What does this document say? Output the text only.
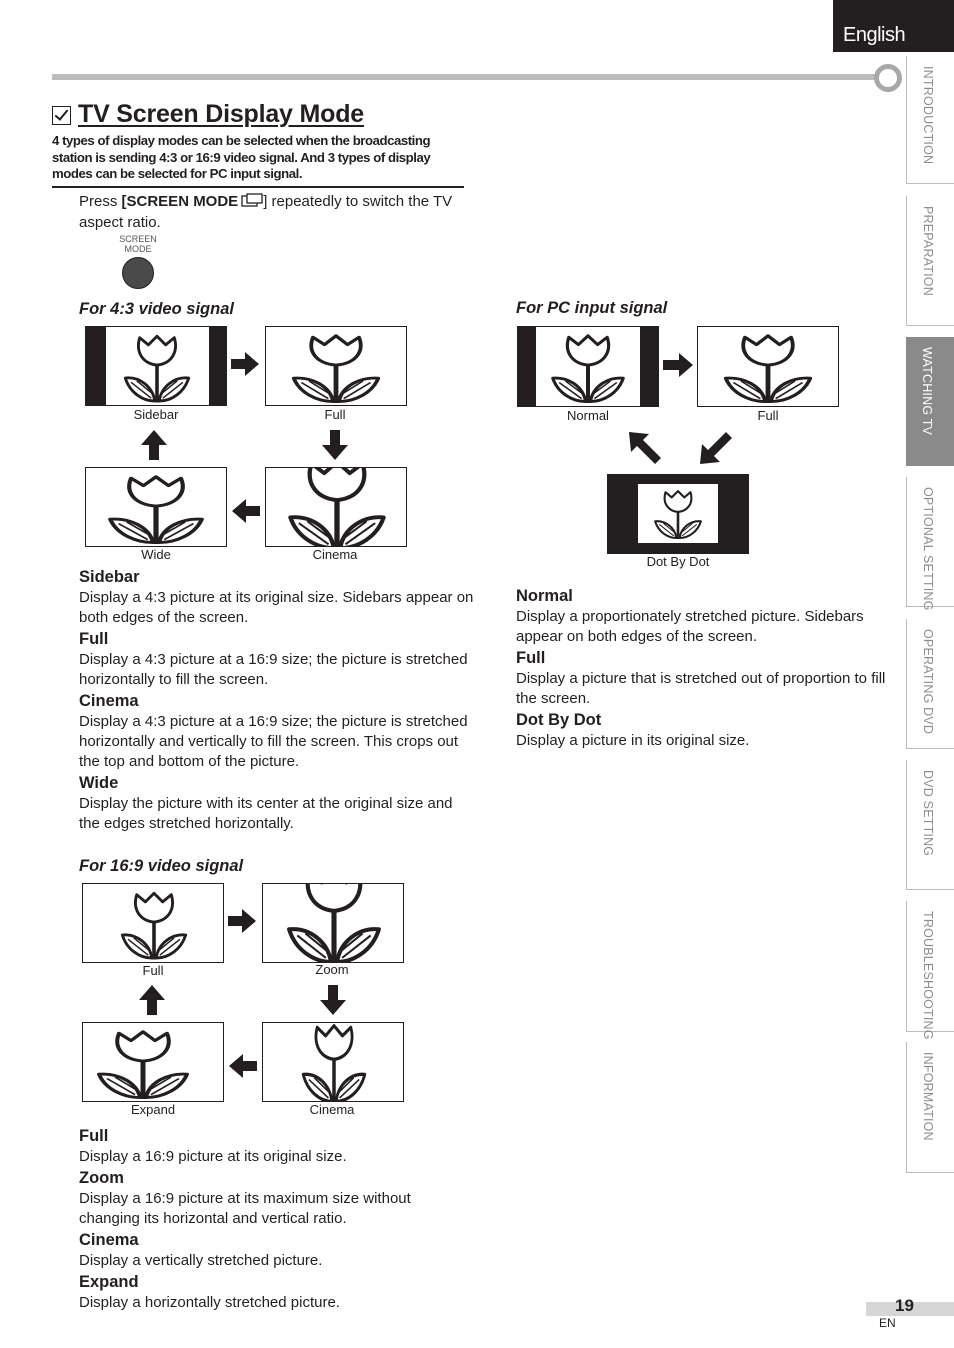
English
INTRODUCTION
PREPARATION
WATCHING TV
OPTIONAL SETTING
OPERATING DVD
DVD SETTING
TROUBLESHOOTING
INFORMATION
TV Screen Display Mode

4 types of display modes can be selected when the broadcasting station is sending 4:3 or 16:9 video signal. And 3 types of display modes can be selected for PC input signal.

Press [SCREEN MODE ] repeatedly to switch the TV aspect ratio.

SCREEN
MODE
For 4:3 video signal
Sidebar	Full
Wide	Cinema
Sidebar
Display a 4:3 picture at its original size. Sidebars appear on both edges of the screen.
Full
Display a 4:3 picture at a 16:9 size; the picture is stretched horizontally to fill the screen.
Cinema
Display a 4:3 picture at a 16:9 size; the picture is stretched horizontally and vertically to fill the screen. This crops out the top and bottom of the picture.
Wide
Display the picture with its center at the original size and the edges stretched horizontally.
For 16:9 video signal
Full	Zoom
Expand	Cinema
Full
Display a 16:9 picture at its original size.
Zoom
Display a 16:9 picture at its maximum size without changing its horizontal and vertical ratio.
Cinema
Display a vertically stretched picture.
Expand
Display a horizontally stretched picture.
For PC input signal
Normal	Full
Dot By Dot
Normal
Display a proportionately stretched picture. Sidebars appear on both edges of the screen.
Full
Display a picture that is stretched out of proportion to fill the screen.
Dot By Dot
Display a picture in its original size.
19
EN
